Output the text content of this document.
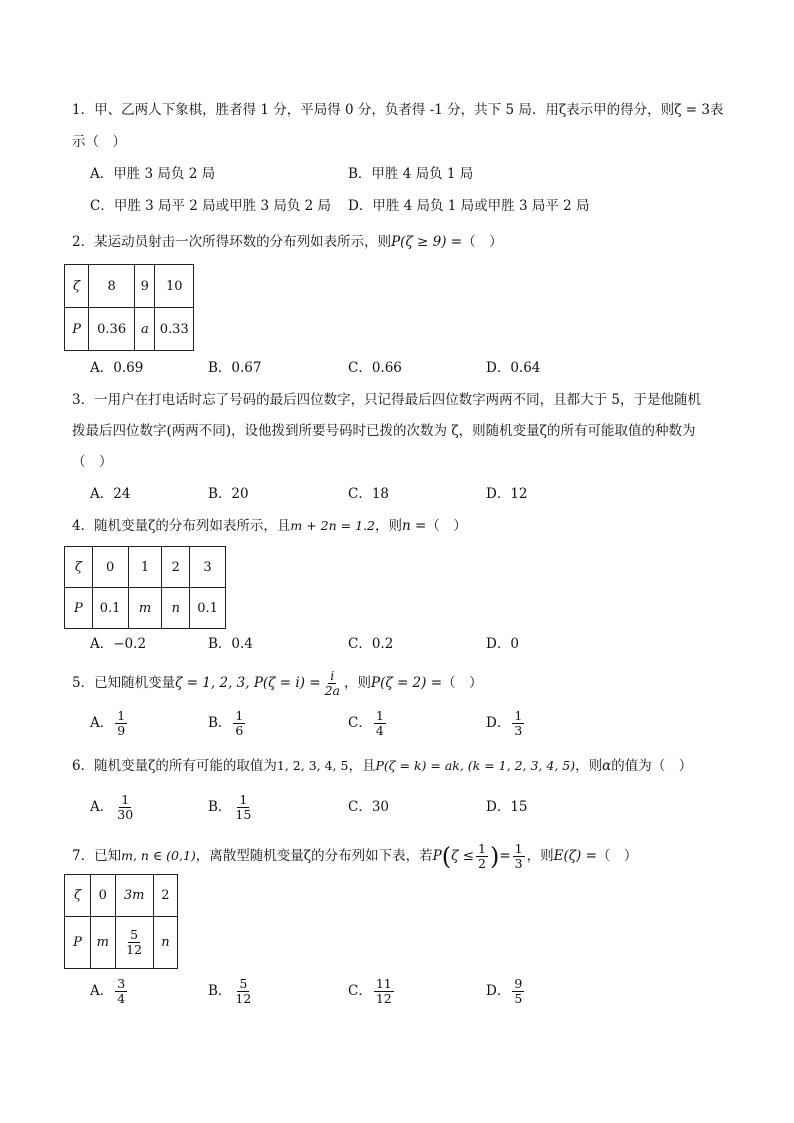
1．甲、乙两人下象棋，胜者得 1 分，平局得 0 分，负者得 -1 分，共下 5 局．用ζ表示甲的得分，则ζ = 3表
示（　）
A．甲胜 3 局负 2 局	B．甲胜 4 局负 1 局
C．甲胜 3 局平 2 局或甲胜 3 局负 2 局 D．甲胜 4 局负 1 局或甲胜 3 局平 2 局
2．某运动员射击一次所得环数的分布列如表所示，则P(ζ ≥ 9) =（　）
ζ	8	9	10
P	0.36	a	0.33
A．0.69	B．0.67	C．0.66	D．0.64
3．一用户在打电话时忘了号码的最后四位数字，只记得最后四位数字两两不同，且都大于 5，于是他随机
拨最后四位数字(两两不同)，设他拨到所要号码时已拨的次数为 ζ，则随机变量ζ的所有可能取值的种数为
（　）
A．24	B．20	C．18	D．12
4．随机变量ζ的分布列如表所示，且m + 2n = 1.2，则n =（　）
ζ	0	1	2	3
P	0.1	m	n	0.1
A．−0.2	B．0.4	C．0.2	D．0
5．已知随机变量ζ = 1, 2, 3, $P(\zeta = i) = \frac{i}{2a}$ ，则P(ζ = 2) =（　）
A． $\frac{1}{9}$	B． $\frac{1}{6}$	C． $\frac{1}{4}$	D． $\frac{1}{3}$
6．随机变量ζ的所有可能的取值为1, 2, 3, 4, 5，且P(ζ = k) = ak, (k = 1, 2, 3, 4, 5)，则α的值为（　）
A． $\frac{1}{30}$	B． $\frac{1}{15}$	C．30	D．15
7．已知m, n ∈ (0,1)，离散型随机变量ζ的分布列如下表，若$P(\zeta \le \frac{1}{2}$ )= $\frac{1}{3}$ ，则E(ζ) =（　）
ζ	0	3m	2
P	m	$\frac{5}{12}$	n
A． $\frac{3}{4}$	B． $\frac{5}{12}$	C． $\frac{11}{12}$	D． $\frac{9}{5}$
